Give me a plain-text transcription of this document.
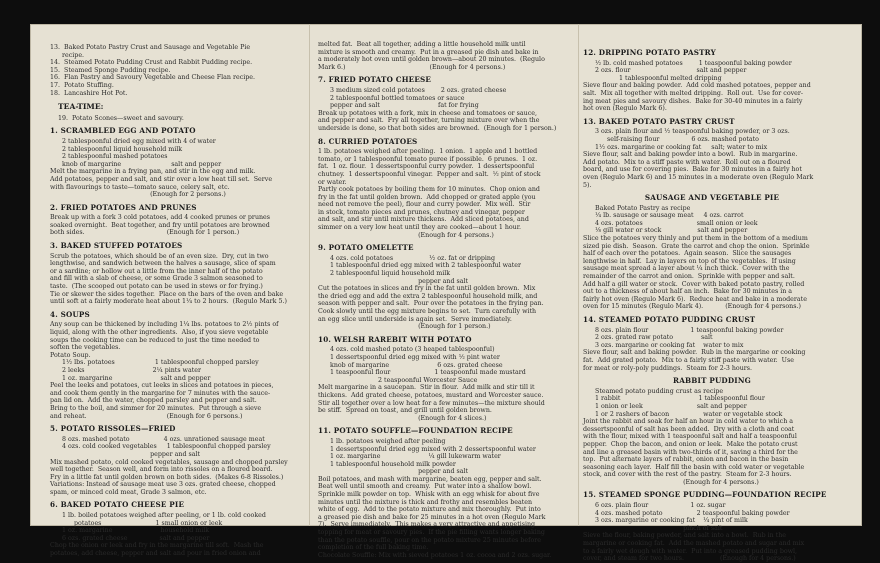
13.  Baked Potato Pastry Crust and Sausage and Vegetable Pie
recipe.
14.  Steamed Potato Pudding Crust and Rabbit Pudding recipe.
15.  Steamed Sponge Pudding recipe.
16.  Flan Pastry and Savoury Vegetable and Cheese Flan recipe.
17.  Potato Stuffing.
18.  Lancashire Hot Pot.
TEA-TIME:
19.  Potato Scones—sweet and savoury.
1. SCRAMBLED EGG AND POTATO
2 tablespoonful dried egg mixed with 4 of water
2 tablespoonful liquid household milk
2 tablespoonful mashed potatoes
knob of margarine                         salt and pepper
Melt the margarine in a frying pan, and stir in the egg and milk.
Add potatoes, pepper and salt, and stir over a low heat till set.  Serve
with flavourings to taste—tomato sauce, celery salt, etc.
(Enough for 2 persons.)
2. FRIED POTATOES AND PRUNES
Break up with a fork 3 cold potatoes, add 4 cooked prunes or prunes
soaked overnight.  Beat together, and fry until potatoes are browned
both sides.                                         (Enough for 1 person.)
3. BAKED STUFFED POTATOES
Scrub the potatoes, which should be of an even size.  Dry, cut in two
lengthwise, and sandwich between the halves a sausage, slice of spam
or a sardine; or hollow out a little from the inner half of the potato
and fill with a slab of cheese, or some Grade 3 salmon seasoned to
taste.  (The scooped out potato can be used in stews or for frying.)
Tie or skewer the sides together.  Place on the bars of the oven and bake
until soft at a fairly moderate heat about 1¼ to 2 hours.  (Regulo Mark 5.)
4. SOUPS
Any soup can be thickened by including 1¼ lbs. potatoes to 2½ pints of
liquid, along with the other ingredients.  Also, if you sieve vegetable
soups the cooking time can be reduced to just the time needed to
soften the vegetables.
Potato Soup.
1½ lbs. potatoes                    1 tablespoonful chopped parsley
2 leeks                                  2¼ pints water
1 oz. margarine                        salt and pepper
Peel the leeks and potatoes, cut leeks in slices and potatoes in pieces,
and cook them gently in the margarine for 7 minutes with the sauce-
pan lid on.  Add the water, chopped parsley and pepper and salt.
Bring to the boil, and simmer for 20 minutes.  Put through a sieve
and reheat.                                        (Enough for 6 persons.)
5. POTATO RISSOLES—FRIED
8 ozs. mashed potato                 4 ozs. unrationed sausage meat
4 ozs. cold cooked vegetables     1 tablespoonful chopped parsley
pepper and salt
Mix mashed potato, cold cooked vegetables, sausage and chopped parsley
well together.  Season well, and form into rissoles on a floured board.
Fry in a little fat until golden brown on both sides.  (Makes 6-8 Rissoles.)
Variations: Instead of sausage meat use 3 ozs. grated cheese, chopped
spam, or minced cold meat, Grade 3 salmon, etc.
6. BAKED POTATO CHEESE PIE
1 lb. boiled potatoes weighed after peeling, or 1 lb. cold cooked
potatoes                           1 small onion or leek
1 oz. margarine                        household milk
6 ozs. grated cheese                salt and pepper
Chop the onion or leek and fry in the margarine till soft.  Mash the
potatoes, add cheese, pepper and salt and pour in fried onion and
melted fat.  Beat all together, adding a little household milk until
mixture is smooth and creamy.  Put in a greased pie dish and bake in
a moderately hot oven until golden brown—about 20 minutes.  (Regulo
Mark 6.)                                          (Enough for 4 persons.)
7. FRIED POTATO CHEESE
3 medium sized cold potatoes        2 ozs. grated cheese
2 tablespoonful bottled tomatoes or sauce
pepper and salt                             fat for frying
Break up potatoes with a fork, mix in cheese and tomatoes or sauce,
and pepper and salt.  Fry all together, turning mixture over when the
underside is done, so that both sides are browned.  (Enough for 1 person.)
8. CURRIED POTATOES
1 lb. potatoes weighed after peeling.  1 onion.  1 apple and 1 bottled
tomato, or 1 tablespoonful tomato puree if possible.  6 prunes.  1 oz.
fat.  1 oz. flour.  1 dessertspoonful curry powder.  1 dessertspoonful
chutney.  1 dessertspoonful vinegar.  Pepper and salt.  ½ pint of stock
or water.
Partly cook potatoes by boiling them for 10 minutes.  Chop onion and
fry in the fat until golden brown.  Add chopped or grated apple (you
need not remove the peel), flour and curry powder.  Mix well.  Stir
in stock, tomato pieces and prunes, chutney and vinegar, pepper
and salt, and stir until mixture thickens.  Add sliced potatoes, and
simmer on a very low heat until they are cooked—about 1 hour.
(Enough for 4 persons.)
9. POTATO OMELETTE
4 ozs. cold potatoes                  ½ oz. fat or dripping
1 tablespoonful dried egg mixed with 2 tablespoonful water
2 tablespoonful liquid household milk
pepper and salt
Cut the potatoes in slices and fry in the fat until golden brown.  Mix
the dried egg and add the extra 2 tablespoonful household milk, and
season with pepper and salt.  Pour over the potatoes in the frying pan.
Cook slowly until the egg mixture begins to set.  Turn carefully with
an egg slice until underside is again set.  Serve immediately.
(Enough for 1 person.)
10. WELSH RAREBIT WITH POTATO
4 ozs. cold mashed potato (3 heaped tablespoonful)
1 dessertspoonful dried egg mixed with ½ pint water
knob of margarine                        6 ozs. grated cheese
1 teaspoonful flour                      1 teaspoonful made mustard
2 teaspoonful Worcester Sauce
Melt margarine in a saucepan.  Stir in flour.  Add milk and stir till it
thickens.  Add grated cheese, potatoes, mustard and Worcester sauce.
Stir all together over a low heat for a few minutes—the mixture should
be stiff.  Spread on toast, and grill until golden brown.
(Enough for 4 slices.)
11. POTATO SOUFFLE—FOUNDATION RECIPE
1 lb. potatoes weighed after peeling
1 dessertspoonful dried egg mixed with 2 dessertspoonful water
1 oz. margarine                        ¼ gill lukewarm water
1 tablespoonful household milk powder
pepper and salt
Boil potatoes, and mash with margarine, beaten egg, pepper and salt.
Beat well until smooth and creamy.  Put water into a shallow bowl.
Sprinkle milk powder on top.  Whisk with an egg whisk for about five
minutes until the mixture is thick and frothy and resembles beaten
white of egg.  Add to the potato mixture and mix thoroughly.  Put into
a greased pie dish and bake for 25 minutes in a hot oven (Regulo Mark
7).  Serve immediately.  This makes a very attractive and appetising
topping for meat or savoury pies.  If the pie filling wants longer baking
than the potato souffle, pour on the potato mixture 25 minutes before
completion of the full baking time.
Chocolate Souffle: Mix with sieved potatoes 1 oz. cocoa and 2 ozs. sugar.
12. DRIPPING POTATO PASTRY
½ lb. cold mashed potatoes        1 teaspoonful baking powder
2 ozs. flour                                 salt and pepper
1 tablespoonful melted dripping
Sieve flour and baking powder.  Add cold mashed potatoes, pepper and
salt.  Mix all together with melted dripping.  Roll out.  Use for cover-
ing meat pies and savoury dishes.  Bake for 30-40 minutes in a fairly
hot oven (Regulo Mark 6).
13. BAKED POTATO PASTRY CRUST
3 ozs. plain flour and ½ teaspoonful baking powder, or 3 ozs.
self-raising flour                6 ozs. mashed potato
1½ ozs. margarine or cooking fat     salt; water to mix
Sieve flour, salt and baking powder into a bowl.  Rub in margarine.
Add potato.  Mix to a stiff paste with water.  Roll out on a floured
board, and use for covering pies.  Bake for 30 minutes in a fairly hot
oven (Regulo Mark 6) and 15 minutes in a moderate oven (Regulo Mark
5).
SAUSAGE AND VEGETABLE PIE
Baked Potato Pastry as recipe
¼ lb. sausage or sausage meat     4 ozs. carrot
4 ozs. potatoes                           small onion or leek
⅛ gill water or stock                  salt and pepper
Slice the potatoes very thinly and put them in the bottom of a medium
sized pie dish.  Season.  Grate the carrot and chop the onion.  Sprinkle
half of each over the potatoes.  Again season.  Slice the sausages
lengthwise in half.  Lay in layers on top of the vegetables.  If using
sausage meat spread a layer about ¼ inch thick.  Cover with the
remainder of the carrot and onion.  Sprinkle with pepper and salt.
Add half a gill water or stock.  Cover with baked potato pastry, rolled
out to a thickness of about half an inch.  Bake for 30 minutes in a
fairly hot oven (Regulo Mark 6).  Reduce heat and bake in a moderate
oven for 15 minutes (Regulo Mark 4).           (Enough for 4 persons.)
14. STEAMED POTATO PUDDING CRUST
8 ozs. plain flour                     1 teaspoonful baking powder
2 ozs. grated raw potato              salt
3 ozs. margarine or cooking fat    water to mix
Sieve flour, salt and baking powder.  Rub in the margarine or cooking
fat.  Add grated potato.  Mix to a fairly stiff paste with water.  Use
for meat or roly-poly puddings.  Steam for 2-3 hours.
RABBIT PUDDING
Steamed potato pudding crust as recipe
1 rabbit                                       1 tablespoonful flour
1 onion or leek                           salt and pepper
1 or 2 rashers of bacon                 water or vegetable stock
Joint the rabbit and soak for half an hour in cold water to which a
dessertspoonful of salt has been added.  Dry with a cloth and coat
with the flour, mixed with 1 teaspoonful salt and half a teaspoonful
pepper.  Chop the bacon, and onion or leek.  Make the potato crust
and line a greased basin with two-thirds of it, saving a third for the
top.  Put alternate layers of rabbit, onion and bacon in the basin
seasoning each layer.  Half fill the basin with cold water or vegetable
stock, and cover with the rest of the pastry.  Steam for 2-3 hours.
(Enough for 4 persons.)
15. STEAMED SPONGE PUDDING—FOUNDATION RECIPE
6 ozs. plain flour                     1 oz. sugar
4 ozs. mashed potato                 2 teaspoonful baking powder
3 ozs. margarine or cooking fat    ¼ pint of milk
pinch of salt
Sieve the flour, baking powder, and salt into a bowl.  Rub in the
margarine or cooking fat.  Add the mashed potato and sugar and mix
to a fairly wet dough with water.  Put into a greased pudding bowl,
cover, and steam for two hours.                  (Enough for 4 persons.)
